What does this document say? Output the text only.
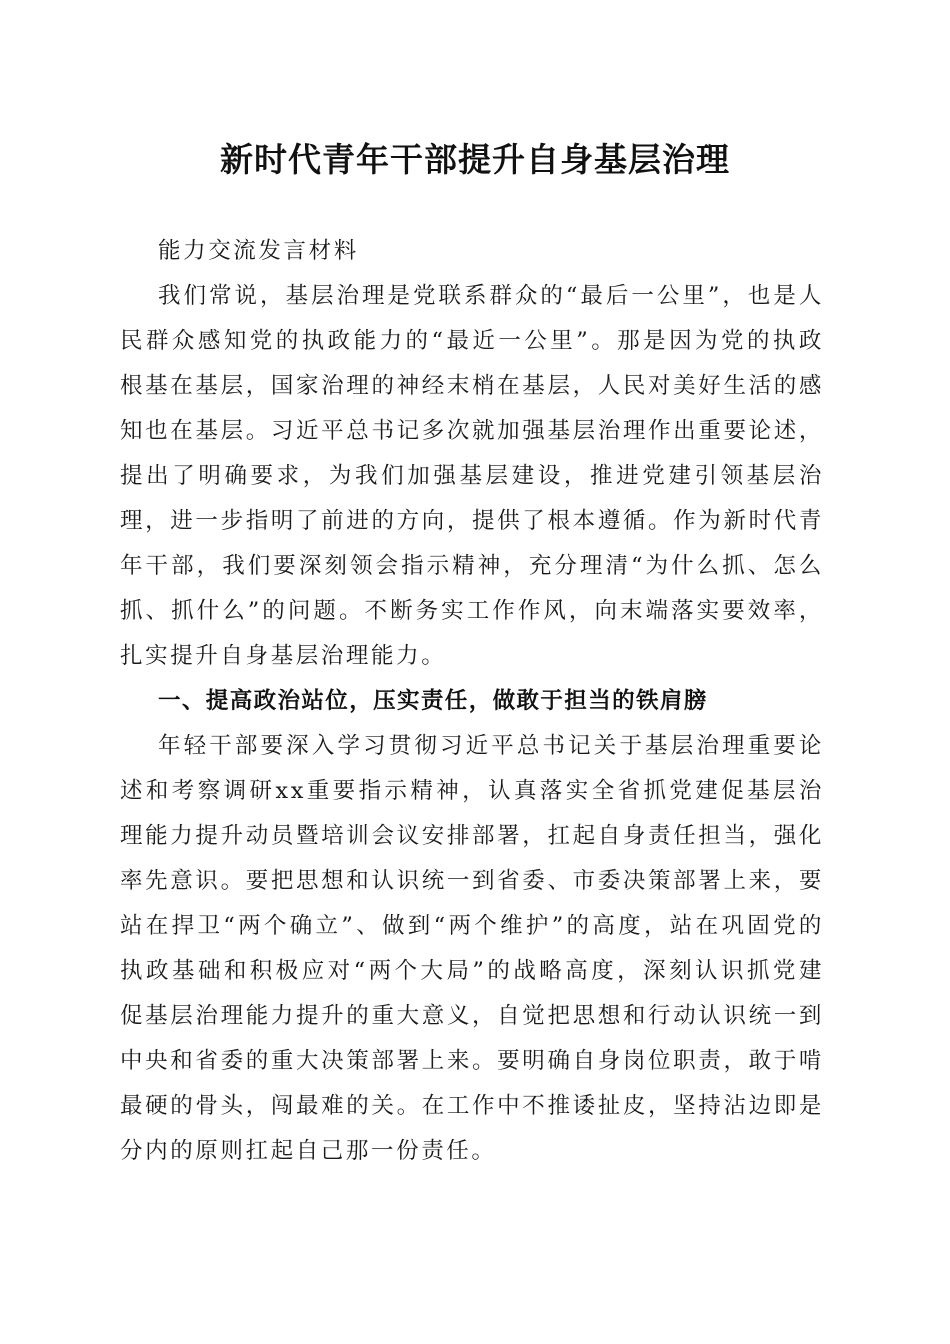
新时代青年干部提升自身基层治理

能力交流发言材料

我们常说，基层治理是党联系群众的“最后一公里”，也是人民群众感知党的执政能力的“最近一公里”。那是因为党的执政根基在基层，国家治理的神经末梢在基层，人民对美好生活的感知也在基层。习近平总书记多次就加强基层治理作出重要论述，提出了明确要求，为我们加强基层建设，推进党建引领基层治理，进一步指明了前进的方向，提供了根本遵循。作为新时代青年干部，我们要深刻领会指示精神，充分理清“为什么抓、怎么抓、抓什么”的问题。不断务实工作作风，向末端落实要效率，扎实提升自身基层治理能力。

一、提高政治站位，压实责任，做敢于担当的铁肩膀

年轻干部要深入学习贯彻习近平总书记关于基层治理重要论述和考察调研xx重要指示精神，认真落实全省抓党建促基层治理能力提升动员暨培训会议安排部署，扛起自身责任担当，强化率先意识。要把思想和认识统一到省委、市委决策部署上来，要站在捍卫“两个确立”、做到“两个维护”的高度，站在巩固党的执政基础和积极应对“两个大局”的战略高度，深刻认识抓党建促基层治理能力提升的重大意义，自觉把思想和行动认识统一到中央和省委的重大决策部署上来。要明确自身岗位职责，敢于啃最硬的骨头，闯最难的关。在工作中不推诿扯皮，坚持沾边即是分内的原则扛起自己那一份责任。
